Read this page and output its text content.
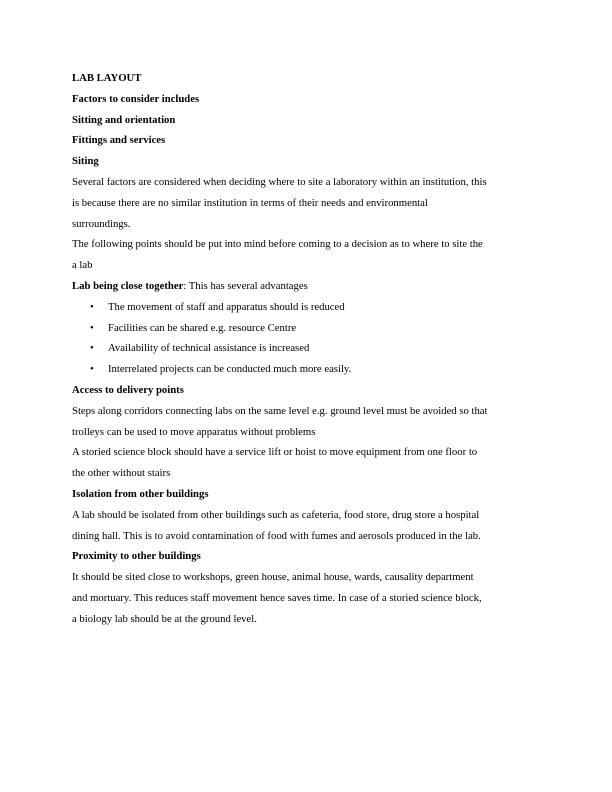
LAB LAYOUT
Factors to consider includes
Sitting and orientation
Fittings and services
Siting
Several factors are considered when deciding where to site a laboratory within an institution, this
is because there are no similar institution in terms of their needs and environmental
surroundings.
The following points should be put into mind before coming to a decision as to where to site the
a lab
Lab being close together: This has several advantages
• The movement of staff and apparatus should is reduced
• Facilities can be shared e.g. resource Centre
• Availability of technical assistance is increased
• Interrelated projects can be conducted much more easily.
Access to delivery points
Steps along corridors connecting labs on the same level e.g. ground level must be avoided so that
trolleys can be used to move apparatus without problems
A storied science block should have a service lift or hoist to move equipment from one floor to
the other without stairs
Isolation from other buildings
A lab should be isolated from other buildings such as cafeteria, food store, drug store a hospital
dining hall. This is to avoid contamination of food with fumes and aerosols produced in the lab.
Proximity to other buildings
It should be sited close to workshops, green house, animal house, wards, causality department
and mortuary. This reduces staff movement hence saves time. In case of a storied science block,
a biology lab should be at the ground level.
